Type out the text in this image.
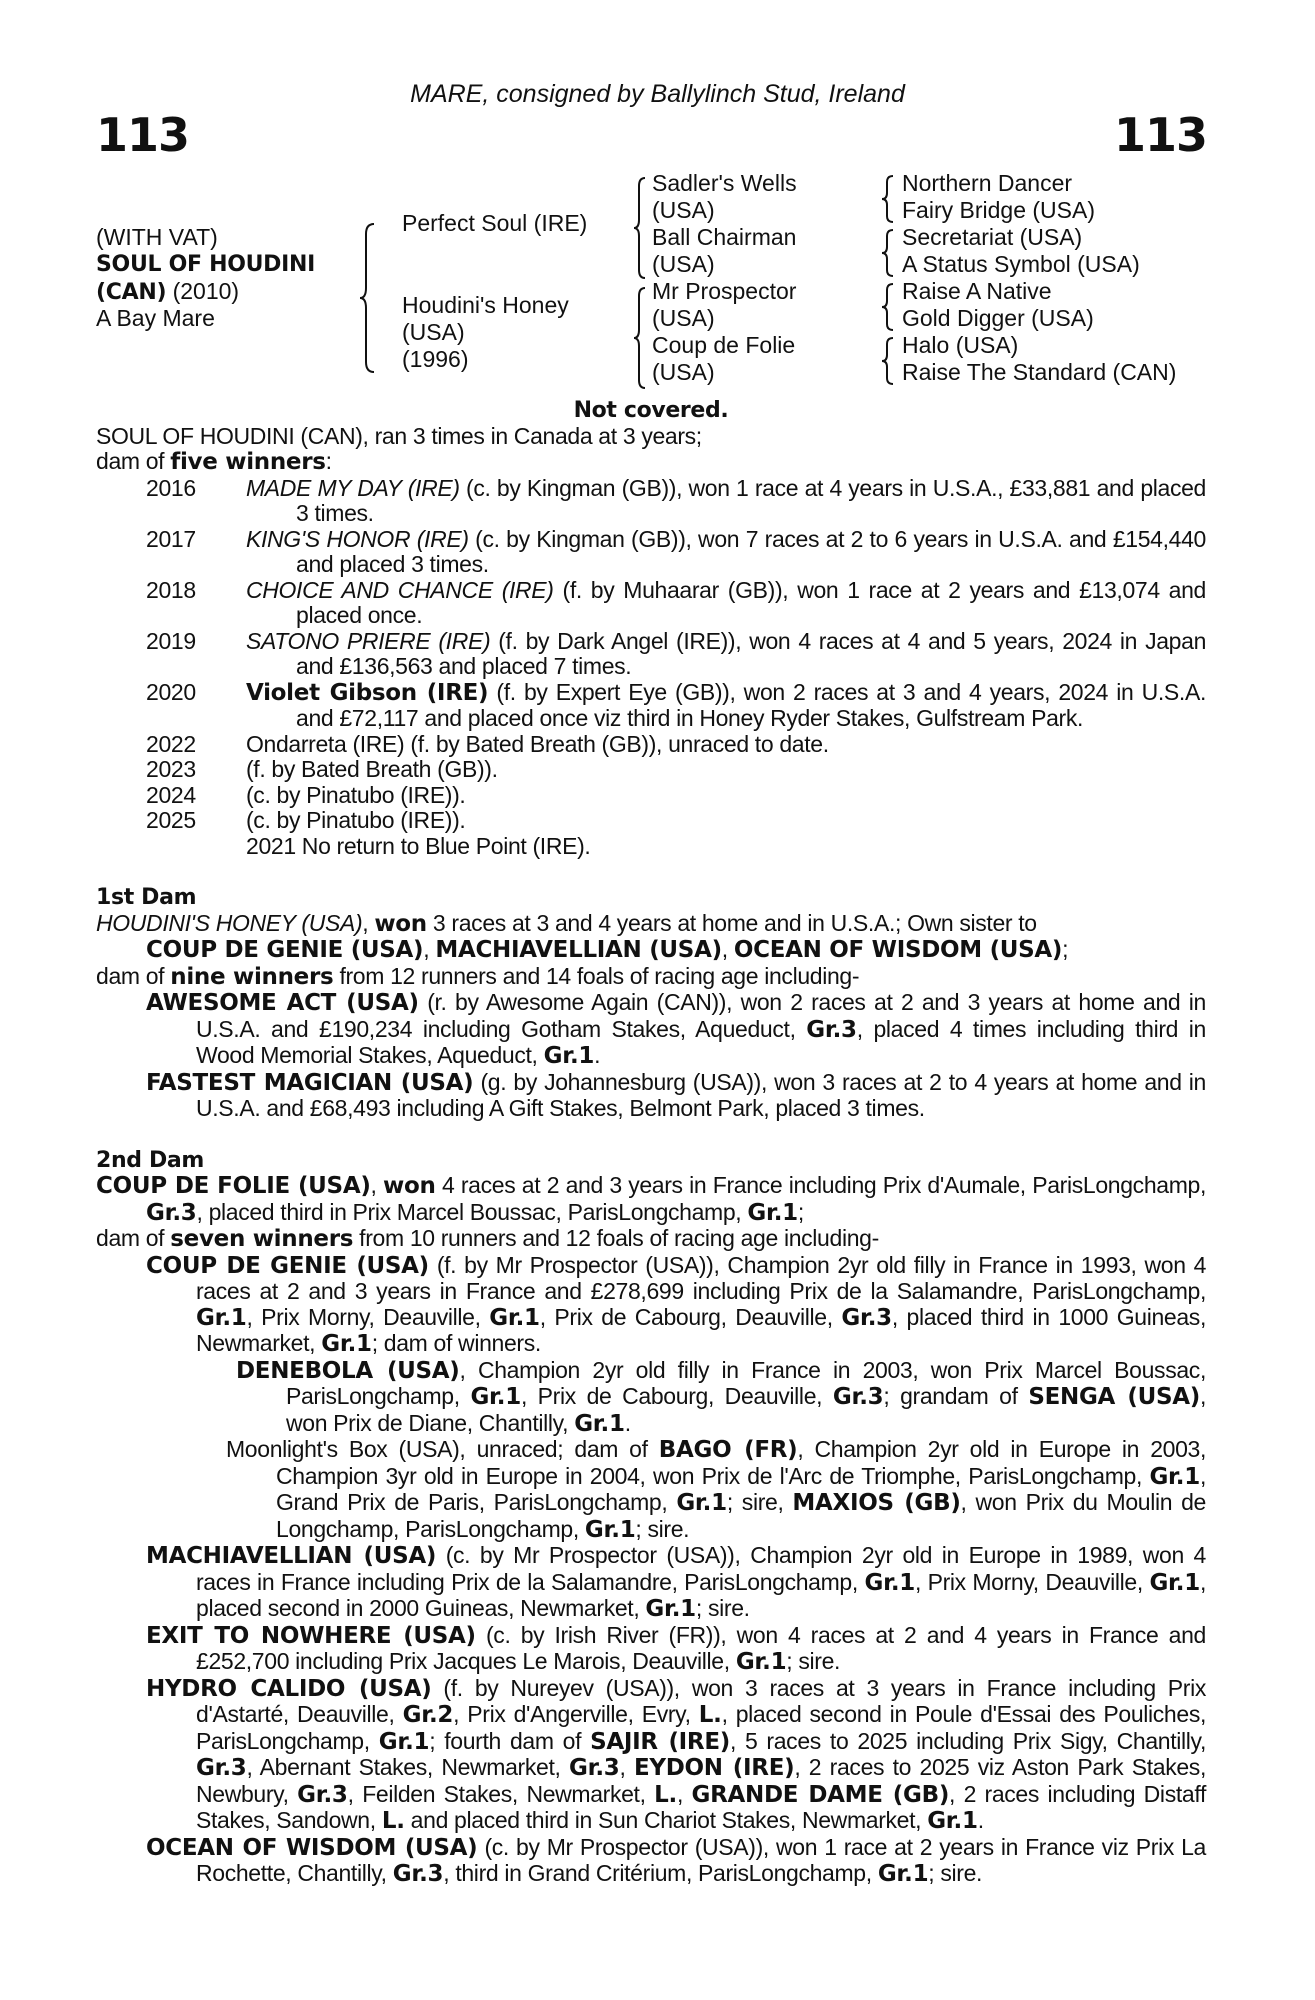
MARE, consigned by Ballylinch Stud, Ireland
113	113
(WITH VAT)
SOUL OF HOUDINI
(CAN) (2010)
A Bay Mare
Perfect Soul (IRE)
Houdini's Honey
(USA)
(1996)
Sadler's Wells
(USA)
Ball Chairman
(USA)
Mr Prospector
(USA)
Coup de Folie
(USA)
Northern Dancer
Fairy Bridge (USA)
Secretariat (USA)
A Status Symbol (USA)
Raise A Native
Gold Digger (USA)
Halo (USA)
Raise The Standard (CAN)

Not covered.

SOUL OF HOUDINI (CAN), ran 3 times in Canada at 3 years;

dam of five winners:

2016	MADE MY DAY (IRE) (c. by Kingman (GB)), won 1 race at 4 years in U.S.A., £33,881 and placed 3 times.
2017	KING'S HONOR (IRE) (c. by Kingman (GB)), won 7 races at 2 to 6 years in U.S.A. and £154,440 and placed 3 times.
2018	CHOICE AND CHANCE (IRE) (f. by Muhaarar (GB)), won 1 race at 2 years and £13,074 and placed once.
2019	SATONO PRIERE (IRE) (f. by Dark Angel (IRE)), won 4 races at 4 and 5 years, 2024 in Japan and £136,563 and placed 7 times.
2020	Violet Gibson (IRE) (f. by Expert Eye (GB)), won 2 races at 3 and 4 years, 2024 in U.S.A. and £72,117 and placed once viz third in Honey Ryder Stakes, Gulfstream Park.
2022	Ondarreta (IRE) (f. by Bated Breath (GB)), unraced to date.
2023	(f. by Bated Breath (GB)).
2024	(c. by Pinatubo (IRE)).
2025	(c. by Pinatubo (IRE)).
2021 No return to Blue Point (IRE).

1st Dam

HOUDINI'S HONEY (USA), won 3 races at 3 and 4 years at home and in U.S.A.; Own sister to

COUP DE GENIE (USA), MACHIAVELLIAN (USA), OCEAN OF WISDOM (USA);

dam of nine winners from 12 runners and 14 foals of racing age including-

AWESOME ACT (USA) (r. by Awesome Again (CAN)), won 2 races at 2 and 3 years at home and in U.S.A. and £190,234 including Gotham Stakes, Aqueduct, Gr.3, placed 4 times including third in Wood Memorial Stakes, Aqueduct, Gr.1.

FASTEST MAGICIAN (USA) (g. by Johannesburg (USA)), won 3 races at 2 to 4 years at home and in U.S.A. and £68,493 including A Gift Stakes, Belmont Park, placed 3 times.

2nd Dam

COUP DE FOLIE (USA), won 4 races at 2 and 3 years in France including Prix d'Aumale, ParisLongchamp, Gr.3, placed third in Prix Marcel Boussac, ParisLongchamp, Gr.1;

dam of seven winners from 10 runners and 12 foals of racing age including-

COUP DE GENIE (USA) (f. by Mr Prospector (USA)), Champion 2yr old filly in France in 1993, won 4 races at 2 and 3 years in France and £278,699 including Prix de la Salamandre, ParisLongchamp, Gr.1, Prix Morny, Deauville, Gr.1, Prix de Cabourg, Deauville, Gr.3, placed third in 1000 Guineas, Newmarket, Gr.1; dam of winners.

DENEBOLA (USA), Champion 2yr old filly in France in 2003, won Prix Marcel Boussac, ParisLongchamp, Gr.1, Prix de Cabourg, Deauville, Gr.3; grandam of SENGA (USA), won Prix de Diane, Chantilly, Gr.1.

Moonlight's Box (USA), unraced; dam of BAGO (FR), Champion 2yr old in Europe in 2003, Champion 3yr old in Europe in 2004, won Prix de l'Arc de Triomphe, ParisLongchamp, Gr.1, Grand Prix de Paris, ParisLongchamp, Gr.1; sire, MAXIOS (GB), won Prix du Moulin de Longchamp, ParisLongchamp, Gr.1; sire.

MACHIAVELLIAN (USA) (c. by Mr Prospector (USA)), Champion 2yr old in Europe in 1989, won 4 races in France including Prix de la Salamandre, ParisLongchamp, Gr.1, Prix Morny, Deauville, Gr.1, placed second in 2000 Guineas, Newmarket, Gr.1; sire.

EXIT TO NOWHERE (USA) (c. by Irish River (FR)), won 4 races at 2 and 4 years in France and £252,700 including Prix Jacques Le Marois, Deauville, Gr.1; sire.

HYDRO CALIDO (USA) (f. by Nureyev (USA)), won 3 races at 3 years in France including Prix d'Astarté, Deauville, Gr.2, Prix d'Angerville, Evry, L., placed second in Poule d'Essai des Pouliches, ParisLongchamp, Gr.1; fourth dam of SAJIR (IRE), 5 races to 2025 including Prix Sigy, Chantilly, Gr.3, Abernant Stakes, Newmarket, Gr.3, EYDON (IRE), 2 races to 2025 viz Aston Park Stakes, Newbury, Gr.3, Feilden Stakes, Newmarket, L., GRANDE DAME (GB), 2 races including Distaff Stakes, Sandown, L. and placed third in Sun Chariot Stakes, Newmarket, Gr.1.

OCEAN OF WISDOM (USA) (c. by Mr Prospector (USA)), won 1 race at 2 years in France viz Prix La Rochette, Chantilly, Gr.3, third in Grand Critérium, ParisLongchamp, Gr.1; sire.
